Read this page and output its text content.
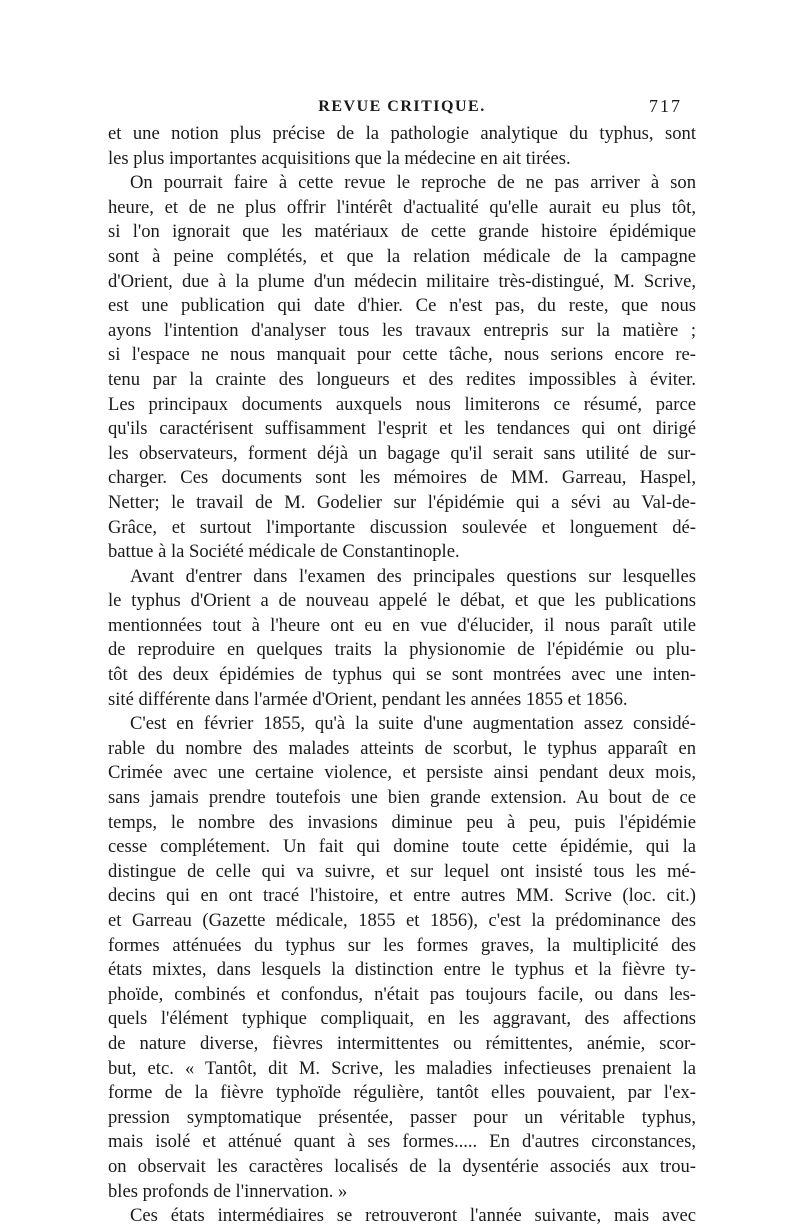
REVUE CRITIQUE.	717

et une notion plus précise de la pathologie analytique du typhus, sont
les plus importantes acquisitions que la médecine en ait tirées.

On pourrait faire à cette revue le reproche de ne pas arriver à son
heure, et de ne plus offrir l'intérêt d'actualité qu'elle aurait eu plus tôt,
si l'on ignorait que les matériaux de cette grande histoire épidémique
sont à peine complétés, et que la relation médicale de la campagne
d'Orient, due à la plume d'un médecin militaire très-distingué, M. Scrive,
est une publication qui date d'hier. Ce n'est pas, du reste, que nous
ayons l'intention d'analyser tous les travaux entrepris sur la matière ;
si l'espace ne nous manquait pour cette tâche, nous serions encore re-
tenu par la crainte des longueurs et des redites impossibles à éviter.
Les principaux documents auxquels nous limiterons ce résumé, parce
qu'ils caractérisent suffisamment l'esprit et les tendances qui ont dirigé
les observateurs, forment déjà un bagage qu'il serait sans utilité de sur-
charger. Ces documents sont les mémoires de MM. Garreau, Haspel,
Netter; le travail de M. Godelier sur l'épidémie qui a sévi au Val-de-
Grâce, et surtout l'importante discussion soulevée et longuement dé-
battue à la Société médicale de Constantinople.

Avant d'entrer dans l'examen des principales questions sur lesquelles
le typhus d'Orient a de nouveau appelé le débat, et que les publications
mentionnées tout à l'heure ont eu en vue d'élucider, il nous paraît utile
de reproduire en quelques traits la physionomie de l'épidémie ou plu-
tôt des deux épidémies de typhus qui se sont montrées avec une inten-
sité différente dans l'armée d'Orient, pendant les années 1855 et 1856.

C'est en février 1855, qu'à la suite d'une augmentation assez considé-
rable du nombre des malades atteints de scorbut, le typhus apparaît en
Crimée avec une certaine violence, et persiste ainsi pendant deux mois,
sans jamais prendre toutefois une bien grande extension. Au bout de ce
temps, le nombre des invasions diminue peu à peu, puis l'épidémie
cesse complétement. Un fait qui domine toute cette épidémie, qui la
distingue de celle qui va suivre, et sur lequel ont insisté tous les mé-
decins qui en ont tracé l'histoire, et entre autres MM. Scrive (loc. cit.)
et Garreau (Gazette médicale, 1855 et 1856), c'est la prédominance des
formes atténuées du typhus sur les formes graves, la multiplicité des
états mixtes, dans lesquels la distinction entre le typhus et la fièvre ty-
phoïde, combinés et confondus, n'était pas toujours facile, ou dans les-
quels l'élément typhique compliquait, en les aggravant, des affections
de nature diverse, fièvres intermittentes ou rémittentes, anémie, scor-
but, etc. « Tantôt, dit M. Scrive, les maladies infectieuses prenaient la
forme de la fièvre typhoïde régulière, tantôt elles pouvaient, par l'ex-
pression symptomatique présentée, passer pour un véritable typhus,
mais isolé et atténué quant à ses formes..... En d'autres circonstances,
on observait les caractères localisés de la dysentérie associés aux trou-
bles profonds de l'innervation. »

Ces états intermédiaires se retrouveront l'année suivante, mais avec
